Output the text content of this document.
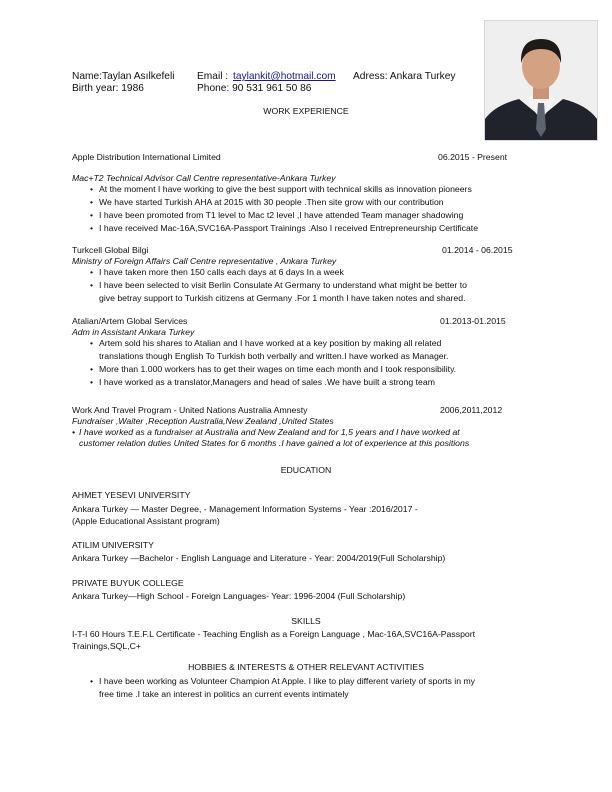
Name:Taylan Asılkefeli Email : taylankit@hotmail.com Adress: Ankara Turkey
Birth year: 1986	Phone: 90 531 961 50 86
WORK EXPERIENCE
Apple Distribution International Limited	06.2015 - Present
Mac+T2 Technical Advisor Call Centre representative-Ankara Turkey
• At the moment I have working to give the best support with technical skills as innovation pioneers
• We have started Turkish AHA at 2015 with 30 people .Then site grow with our contribution
• I have been promoted from T1 level to Mac t2 level ,I have attended Team manager shadowing
• I have received Mac-16A,SVC16A-Passport Trainings .Also I received Entrepreneurship Certificate
Turkcell Global Bilgi	01.2014 - 06.2015
Ministry of Foreign Affairs Call Centre representative , Ankara Turkey
• I have taken more then 150 calls each days at 6 days In a week
• I have been selected to visit Berlin Consulate At Germany to understand what might be better to
give betray support to Turkish citizens at Germany .For 1 month I have taken notes and shared.
Atalian/Artem Global Services	01.2013-01.2015
Adm in Assistant Ankara Turkey
• Artem sold his shares to Atalian and I have worked at a key position by making all related
translations though English To Turkish both verbally and written.I have worked as Manager.
• More than 1.000 workers has to get their wages on time each month and I took responsibility.
• I have worked as a translator,Managers and head of sales .We have built a strong team
Work And Travel Program - United Nations Australia Amnesty	2006,2011,2012
Fundraiser ,Waiter ,Reception Australia,New Zealand ,United States
• I have worked as a fundraiser at Australia and New Zealand and for 1,5 years and I have worked at
customer relation duties United States for 6 months .I have gained a lot of experience at this positions
EDUCATION
AHMET YESEVI UNIVERSITY
Ankara Turkey — Master Degree, - Management Information Systems - Year :2016/2017 -
(Apple Educational Assistant program)
ATILIM UNIVERSITY
Ankara Turkey —Bachelor - English Language and Literature - Year: 2004/2019(Full Scholarship)
PRIVATE BUYUK COLLEGE
Ankara Turkey—High School - Foreign Languages- Year: 1996-2004 (Full Scholarship)
SKILLS
I-T-I 60 Hours T.E.F.L Certificate - Teaching English as a Foreign Language , Mac-16A,SVC16A-Passport
Trainings,SQL,C+
HOBBIES & INTERESTS & OTHER RELEVANT ACTIVITIES
• I have been working as Volunteer Champion At Apple. I like to play different variety of sports in my
free time .I take an interest in politics an current events intimately
